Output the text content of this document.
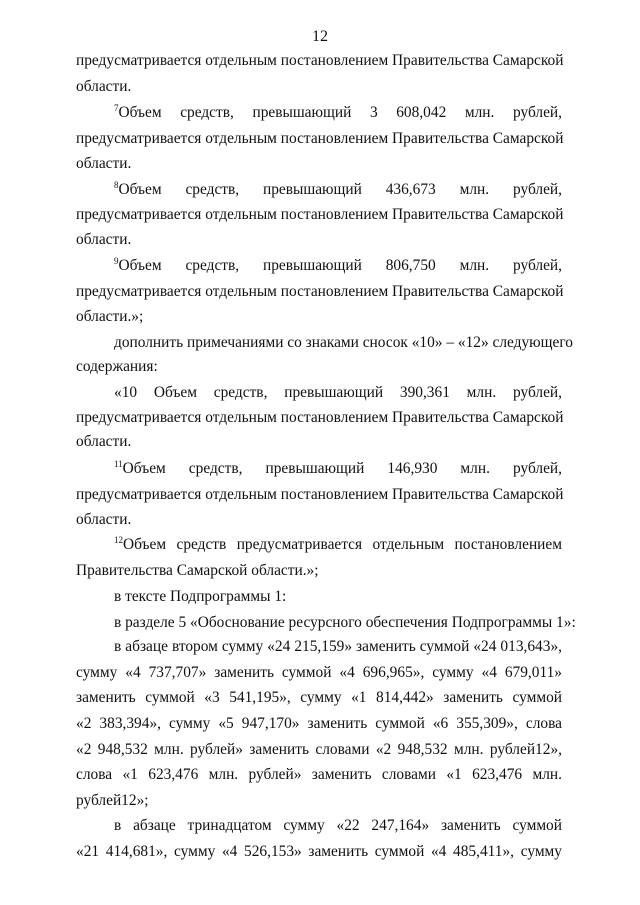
12
предусматривается отдельным постановлением Правительства Самарской
области.
$^7$Объем средств, превышающий 3 608,042 млн. рублей,
предусматривается отдельным постановлением Правительства Самарской
области.
$^8$Объем средств, превышающий 436,673 млн. рублей,
предусматривается отдельным постановлением Правительства Самарской
области.
$^9$Объем средств, превышающий 806,750 млн. рублей,
предусматривается отдельным постановлением Правительства Самарской
области.»;
дополнить примечаниями со знаками сносок «10» – «12» следующего
содержания:
«10 Объем средств, превышающий 390,361 млн. рублей,
предусматривается отдельным постановлением Правительства Самарской
области.
$^{11}$Объем средств, превышающий 146,930 млн. рублей,
предусматривается отдельным постановлением Правительства Самарской
области.
$^{12}$Объем средств предусматривается отдельным постановлением
Правительства Самарской области.»;
в тексте Подпрограммы 1:
в разделе 5 «Обоснование ресурсного обеспечения Подпрограммы 1»:
в абзаце втором сумму «24 215,159» заменить суммой «24 013,643»,
сумму «4 737,707» заменить суммой «4 696,965», сумму «4 679,011»
заменить суммой «3 541,195», сумму «1 814,442» заменить суммой
«2 383,394», сумму «5 947,170» заменить суммой «6 355,309», слова
«2 948,532 млн. рублей» заменить словами «2 948,532 млн. рублей12»,
слова «1 623,476 млн. рублей» заменить словами «1 623,476 млн.
рублей12»;
в абзаце тринадцатом сумму «22 247,164» заменить суммой
«21 414,681», сумму «4 526,153» заменить суммой «4 485,411», сумму
